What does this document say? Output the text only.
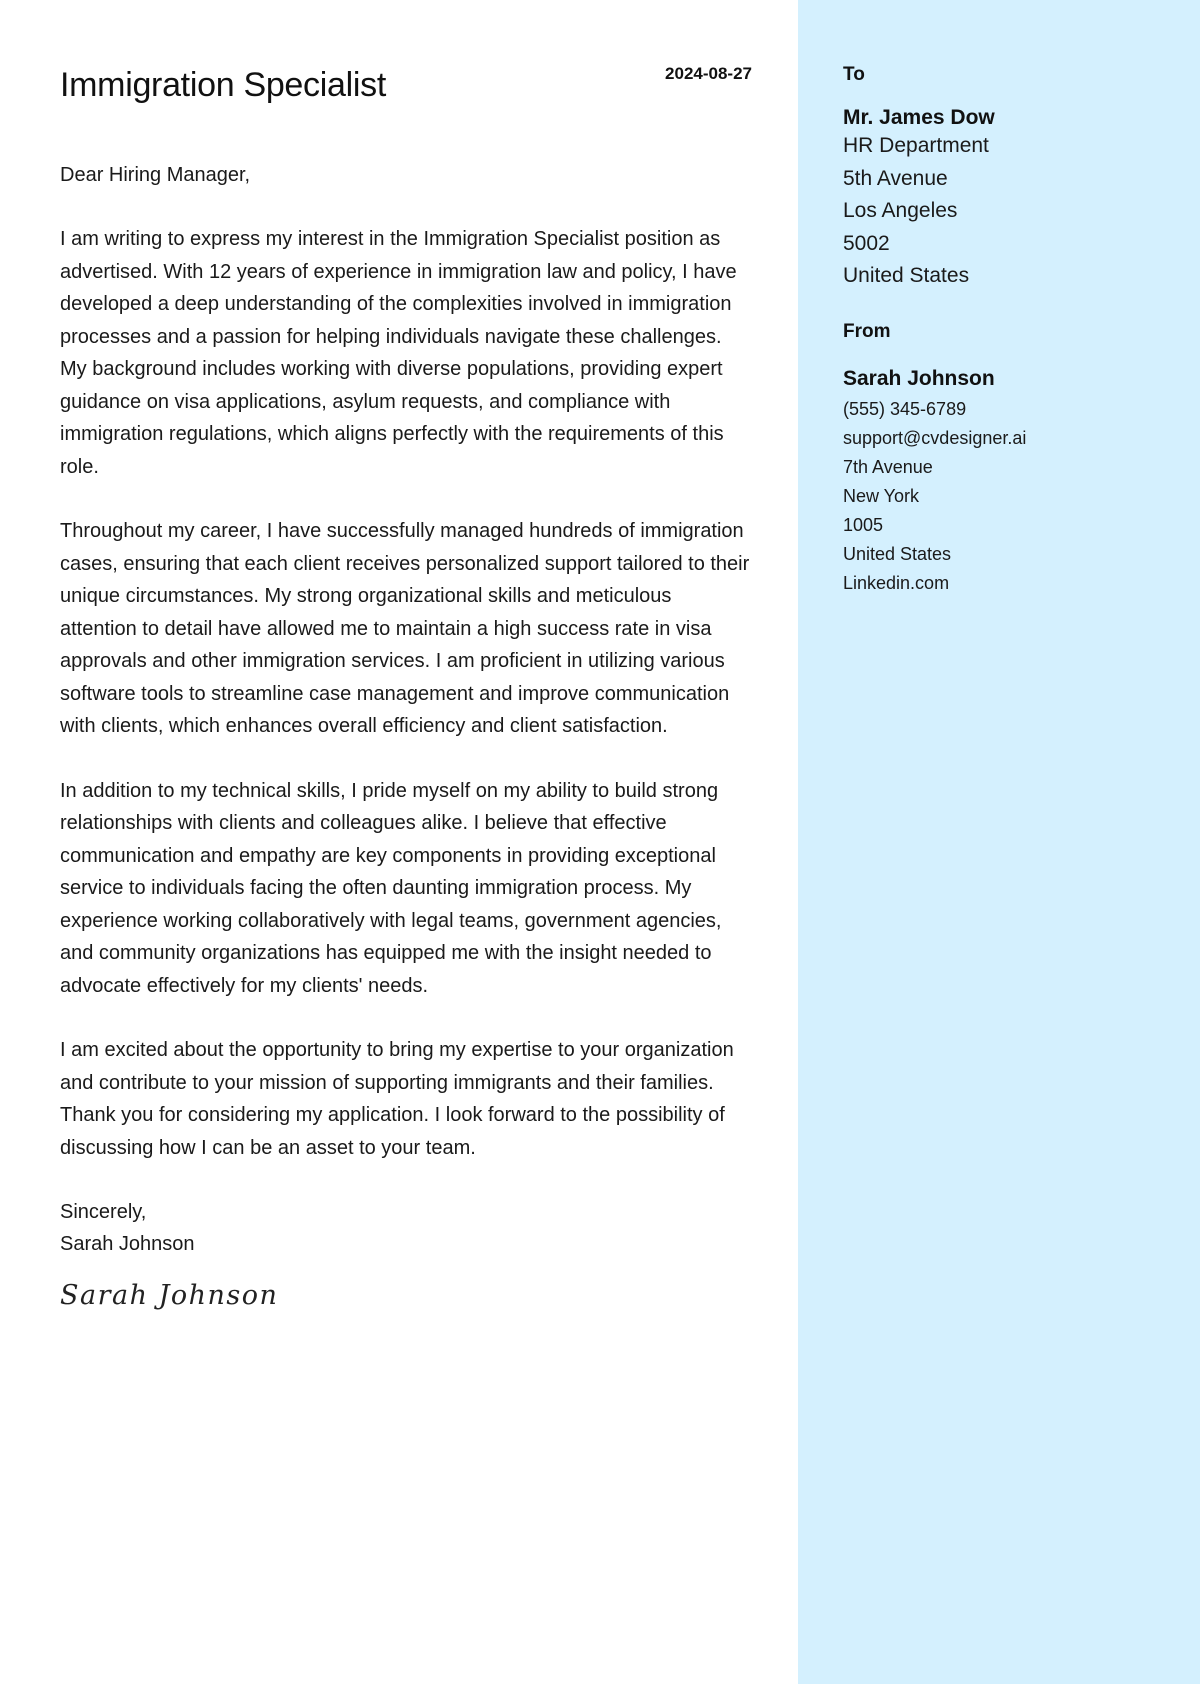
Immigration Specialist	2024-08-27
Dear Hiring Manager,

I am writing to express my interest in the Immigration Specialist position as advertised. With 12 years of experience in immigration law and policy, I have developed a deep understanding of the complexities involved in immigration processes and a passion for helping individuals navigate these challenges. My background includes working with diverse populations, providing expert guidance on visa applications, asylum requests, and compliance with immigration regulations, which aligns perfectly with the requirements of this role.

Throughout my career, I have successfully managed hundreds of immigration cases, ensuring that each client receives personalized support tailored to their unique circumstances. My strong organizational skills and meticulous attention to detail have allowed me to maintain a high success rate in visa approvals and other immigration services. I am proficient in utilizing various software tools to streamline case management and improve communication with clients, which enhances overall efficiency and client satisfaction.

In addition to my technical skills, I pride myself on my ability to build strong relationships with clients and colleagues alike. I believe that effective communication and empathy are key components in providing exceptional service to individuals facing the often daunting immigration process. My experience working collaboratively with legal teams, government agencies, and community organizations has equipped me with the insight needed to advocate effectively for my clients' needs.

I am excited about the opportunity to bring my expertise to your organization and contribute to your mission of supporting immigrants and their families. Thank you for considering my application. I look forward to the possibility of discussing how I can be an asset to your team.

Sincerely,
Sarah Johnson
Sarah Johnson
To
Mr. James Dow
HR Department
5th Avenue
Los Angeles
5002
United States
From
Sarah Johnson
(555) 345-6789
support@cvdesigner.ai
7th Avenue
New York
1005
United States
Linkedin.com
